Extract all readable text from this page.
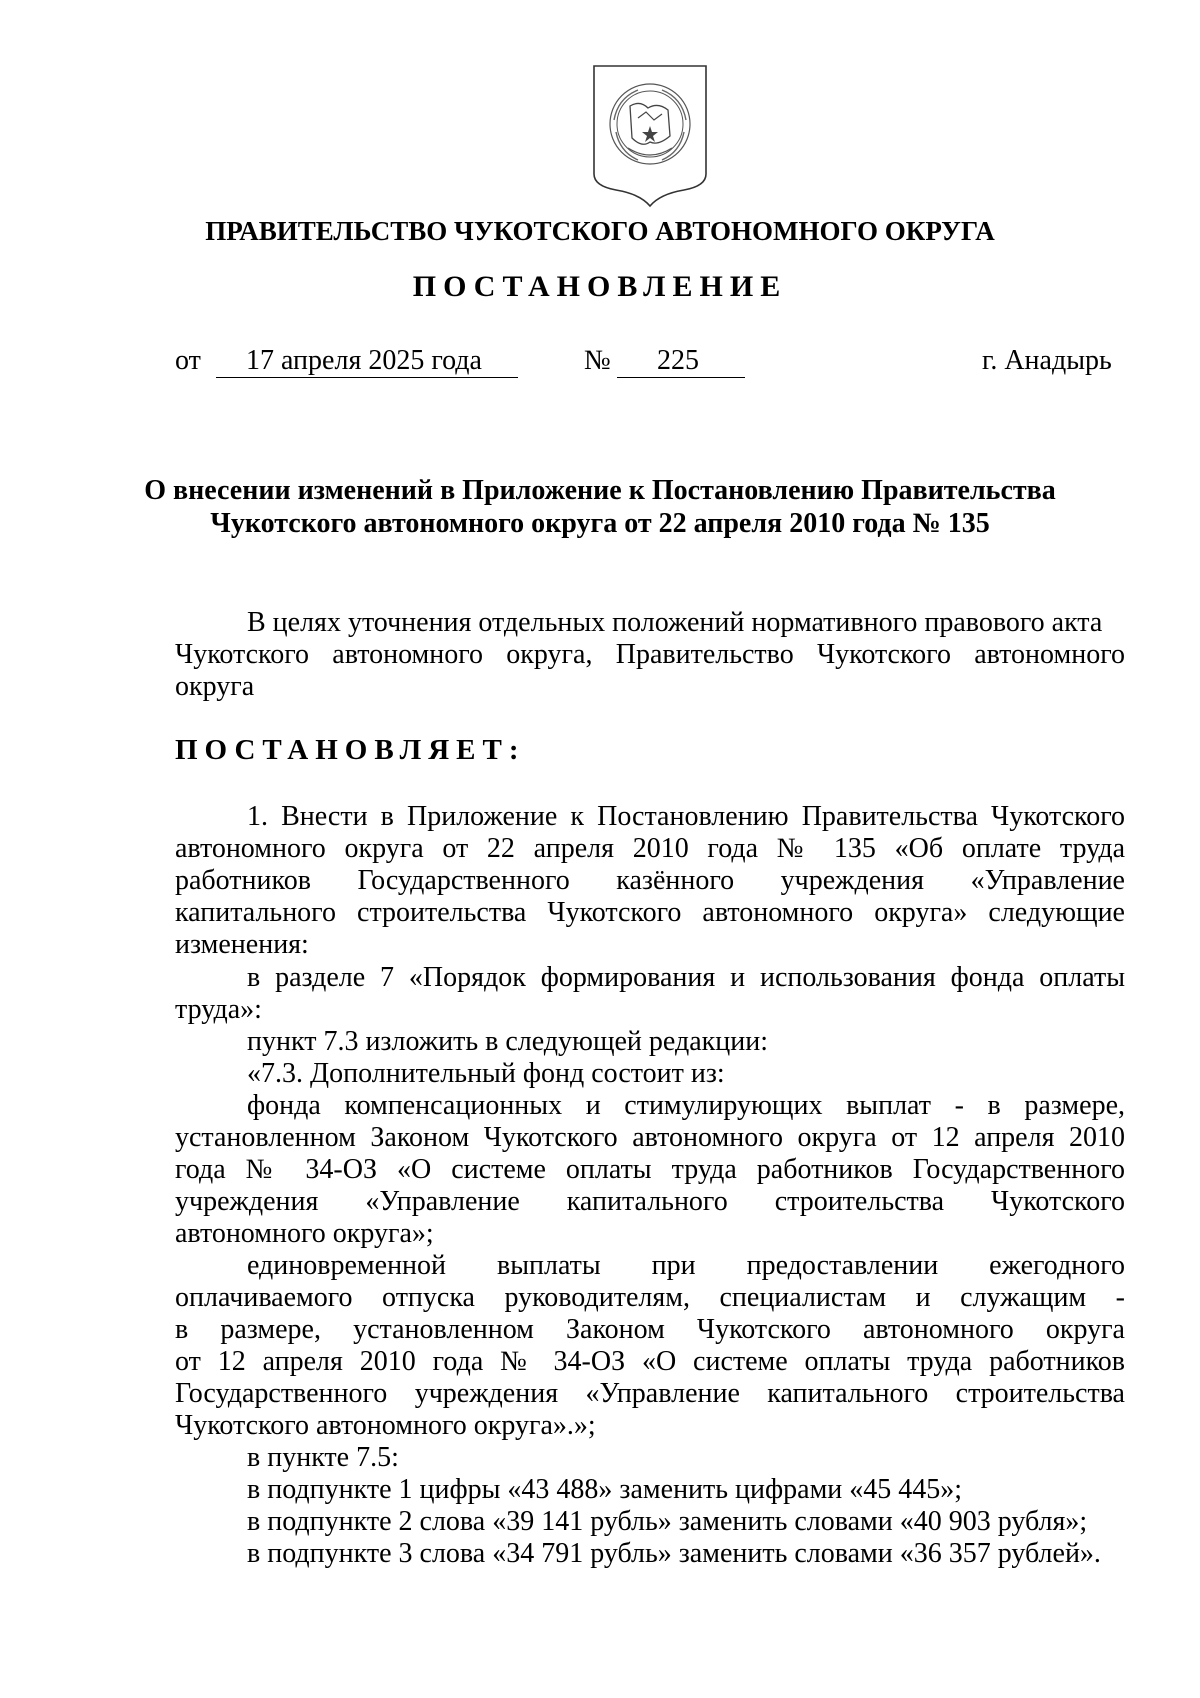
ПРАВИТЕЛЬСТВО ЧУКОТСКОГО АВТОНОМНОГО ОКРУГА
ПОСТАНОВЛЕНИЕ
от 17 апреля 2025 года	№ 225	г. Анадырь
О внесении изменений в Приложение к Постановлению Правительства
Чукотского автономного округа от 22 апреля 2010 года № 135
В целях уточнения отдельных положений нормативного правового акта
Чукотского автономного округа, Правительство Чукотского автономного
округа
ПОСТАНОВЛЯЕТ:
1. Внести в Приложение к Постановлению Правительства Чукотского
автономного округа от 22 апреля 2010 года № 135 «Об оплате труда
работников Государственного казённого учреждения «Управление
капитального строительства Чукотского автономного округа» следующие
изменения:
в разделе 7 «Порядок формирования и использования фонда оплаты
труда»:
пункт 7.3 изложить в следующей редакции:
«7.3. Дополнительный фонд состоит из:
фонда компенсационных и стимулирующих выплат - в размере,
установленном Законом Чукотского автономного округа от 12 апреля 2010
года № 34-ОЗ «О системе оплаты труда работников Государственного
учреждения «Управление капитального строительства Чукотского
автономного округа»;
единовременной выплаты при предоставлении ежегодного
оплачиваемого отпуска руководителям, специалистам и служащим -
в размере, установленном Законом Чукотского автономного округа
от 12 апреля 2010 года № 34-ОЗ «О системе оплаты труда работников
Государственного учреждения «Управление капитального строительства
Чукотского автономного округа».»;
в пункте 7.5:
в подпункте 1 цифры «43 488» заменить цифрами «45 445»;
в подпункте 2 слова «39 141 рубль» заменить словами «40 903 рубля»;
в подпункте 3 слова «34 791 рубль» заменить словами «36 357 рублей».
